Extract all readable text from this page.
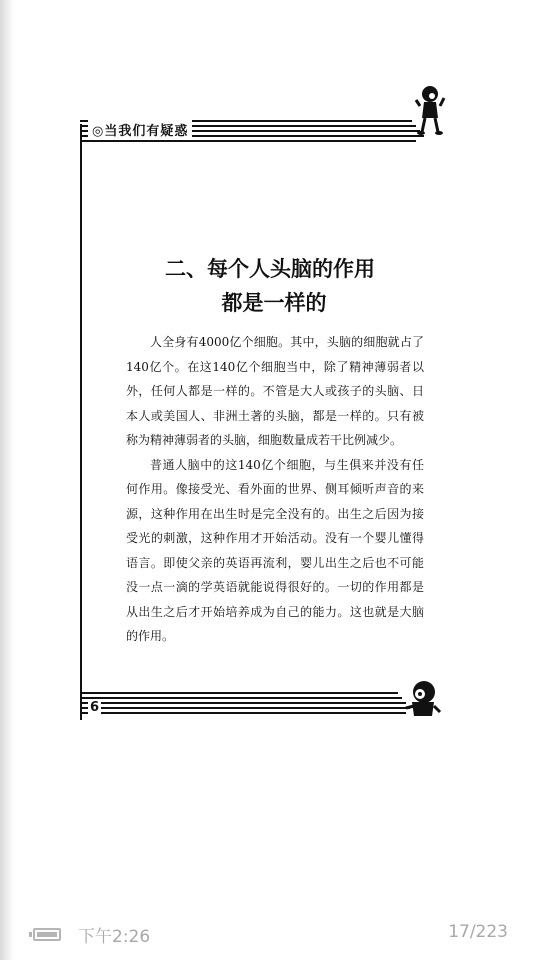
◎当我们有疑惑
6
二、每个人头脑的作用
都是一样的

人全身有4000亿个细胞。其中，头脑的细胞就占了140亿个。在这140亿个细胞当中，除了精神薄弱者以外，任何人都是一样的。不管是大人或孩子的头脑、日本人或美国人、非洲土著的头脑，都是一样的。只有被称为精神薄弱者的头脑，细胞数量成若干比例减少。

普通人脑中的这140亿个细胞，与生俱来并没有任何作用。像接受光、看外面的世界、侧耳倾听声音的来源，这种作用在出生时是完全没有的。出生之后因为接受光的刺激，这种作用才开始活动。没有一个婴儿懂得语言。即使父亲的英语再流利，婴儿出生之后也不可能没一点一滴的学英语就能说得很好的。一切的作用都是从出生之后才开始培养成为自己的能力。这也就是大脑的作用。

下午2:26	17/223
